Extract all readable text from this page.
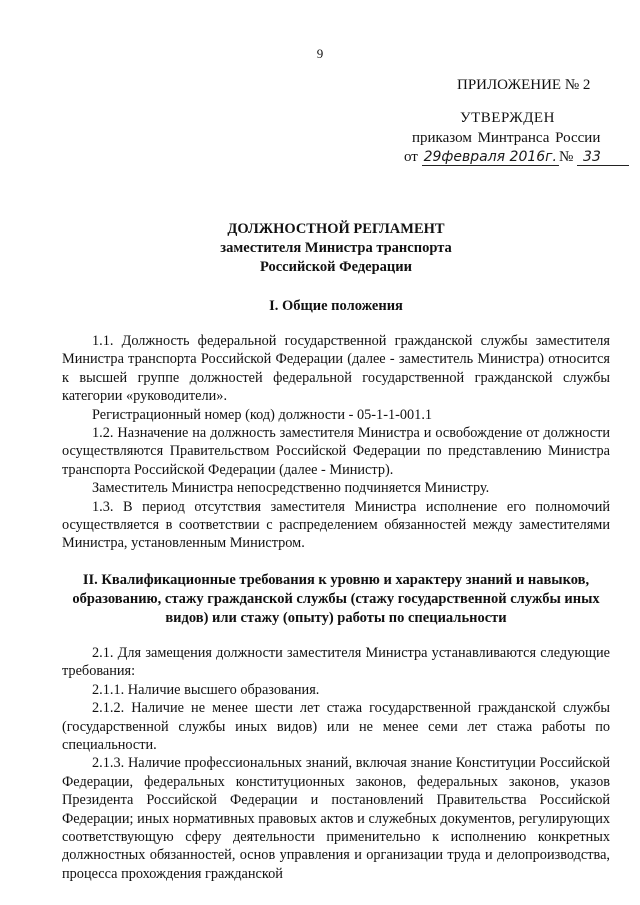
9
ПРИЛОЖЕНИЕ № 2
УТВЕРЖДЕН
приказом Минтранса России
от 29февраля 2016г. № 33
ДОЛЖНОСТНОЙ РЕГЛАМЕНТ
заместителя Министра транспорта
Российской Федерации
I. Общие положения

1.1. Должность федеральной государственной гражданской службы заместителя Министра транспорта Российской Федерации (далее - заместитель Министра) относится к высшей группе должностей федеральной государственной гражданской службы категории «руководители».

Регистрационный номер (код) должности - 05-1-1-001.1

1.2. Назначение на должность заместителя Министра и освобождение от должности осуществляются Правительством Российской Федерации по представлению Министра транспорта Российской Федерации (далее - Министр).

Заместитель Министра непосредственно подчиняется Министру.

1.3. В период отсутствия заместителя Министра исполнение его полномочий осуществляется в соответствии с распределением обязанностей между заместителями Министра, установленным Министром.

II. Квалификационные требования к уровню и характеру знаний и навыков, образованию, стажу гражданской службы (стажу государственной службы иных видов) или стажу (опыту) работы по специальности

2.1. Для замещения должности заместителя Министра устанавливаются следующие требования:

2.1.1. Наличие высшего образования.

2.1.2. Наличие не менее шести лет стажа государственной гражданской службы (государственной службы иных видов) или не менее семи лет стажа работы по специальности.

2.1.3. Наличие профессиональных знаний, включая знание Конституции Российской Федерации, федеральных конституционных законов, федеральных законов, указов Президента Российской Федерации и постановлений Правительства Российской Федерации; иных нормативных правовых актов и служебных документов, регулирующих соответствующую сферу деятельности применительно к исполнению конкретных должностных обязанностей, основ управления и организации труда и делопроизводства, процесса прохождения гражданской
